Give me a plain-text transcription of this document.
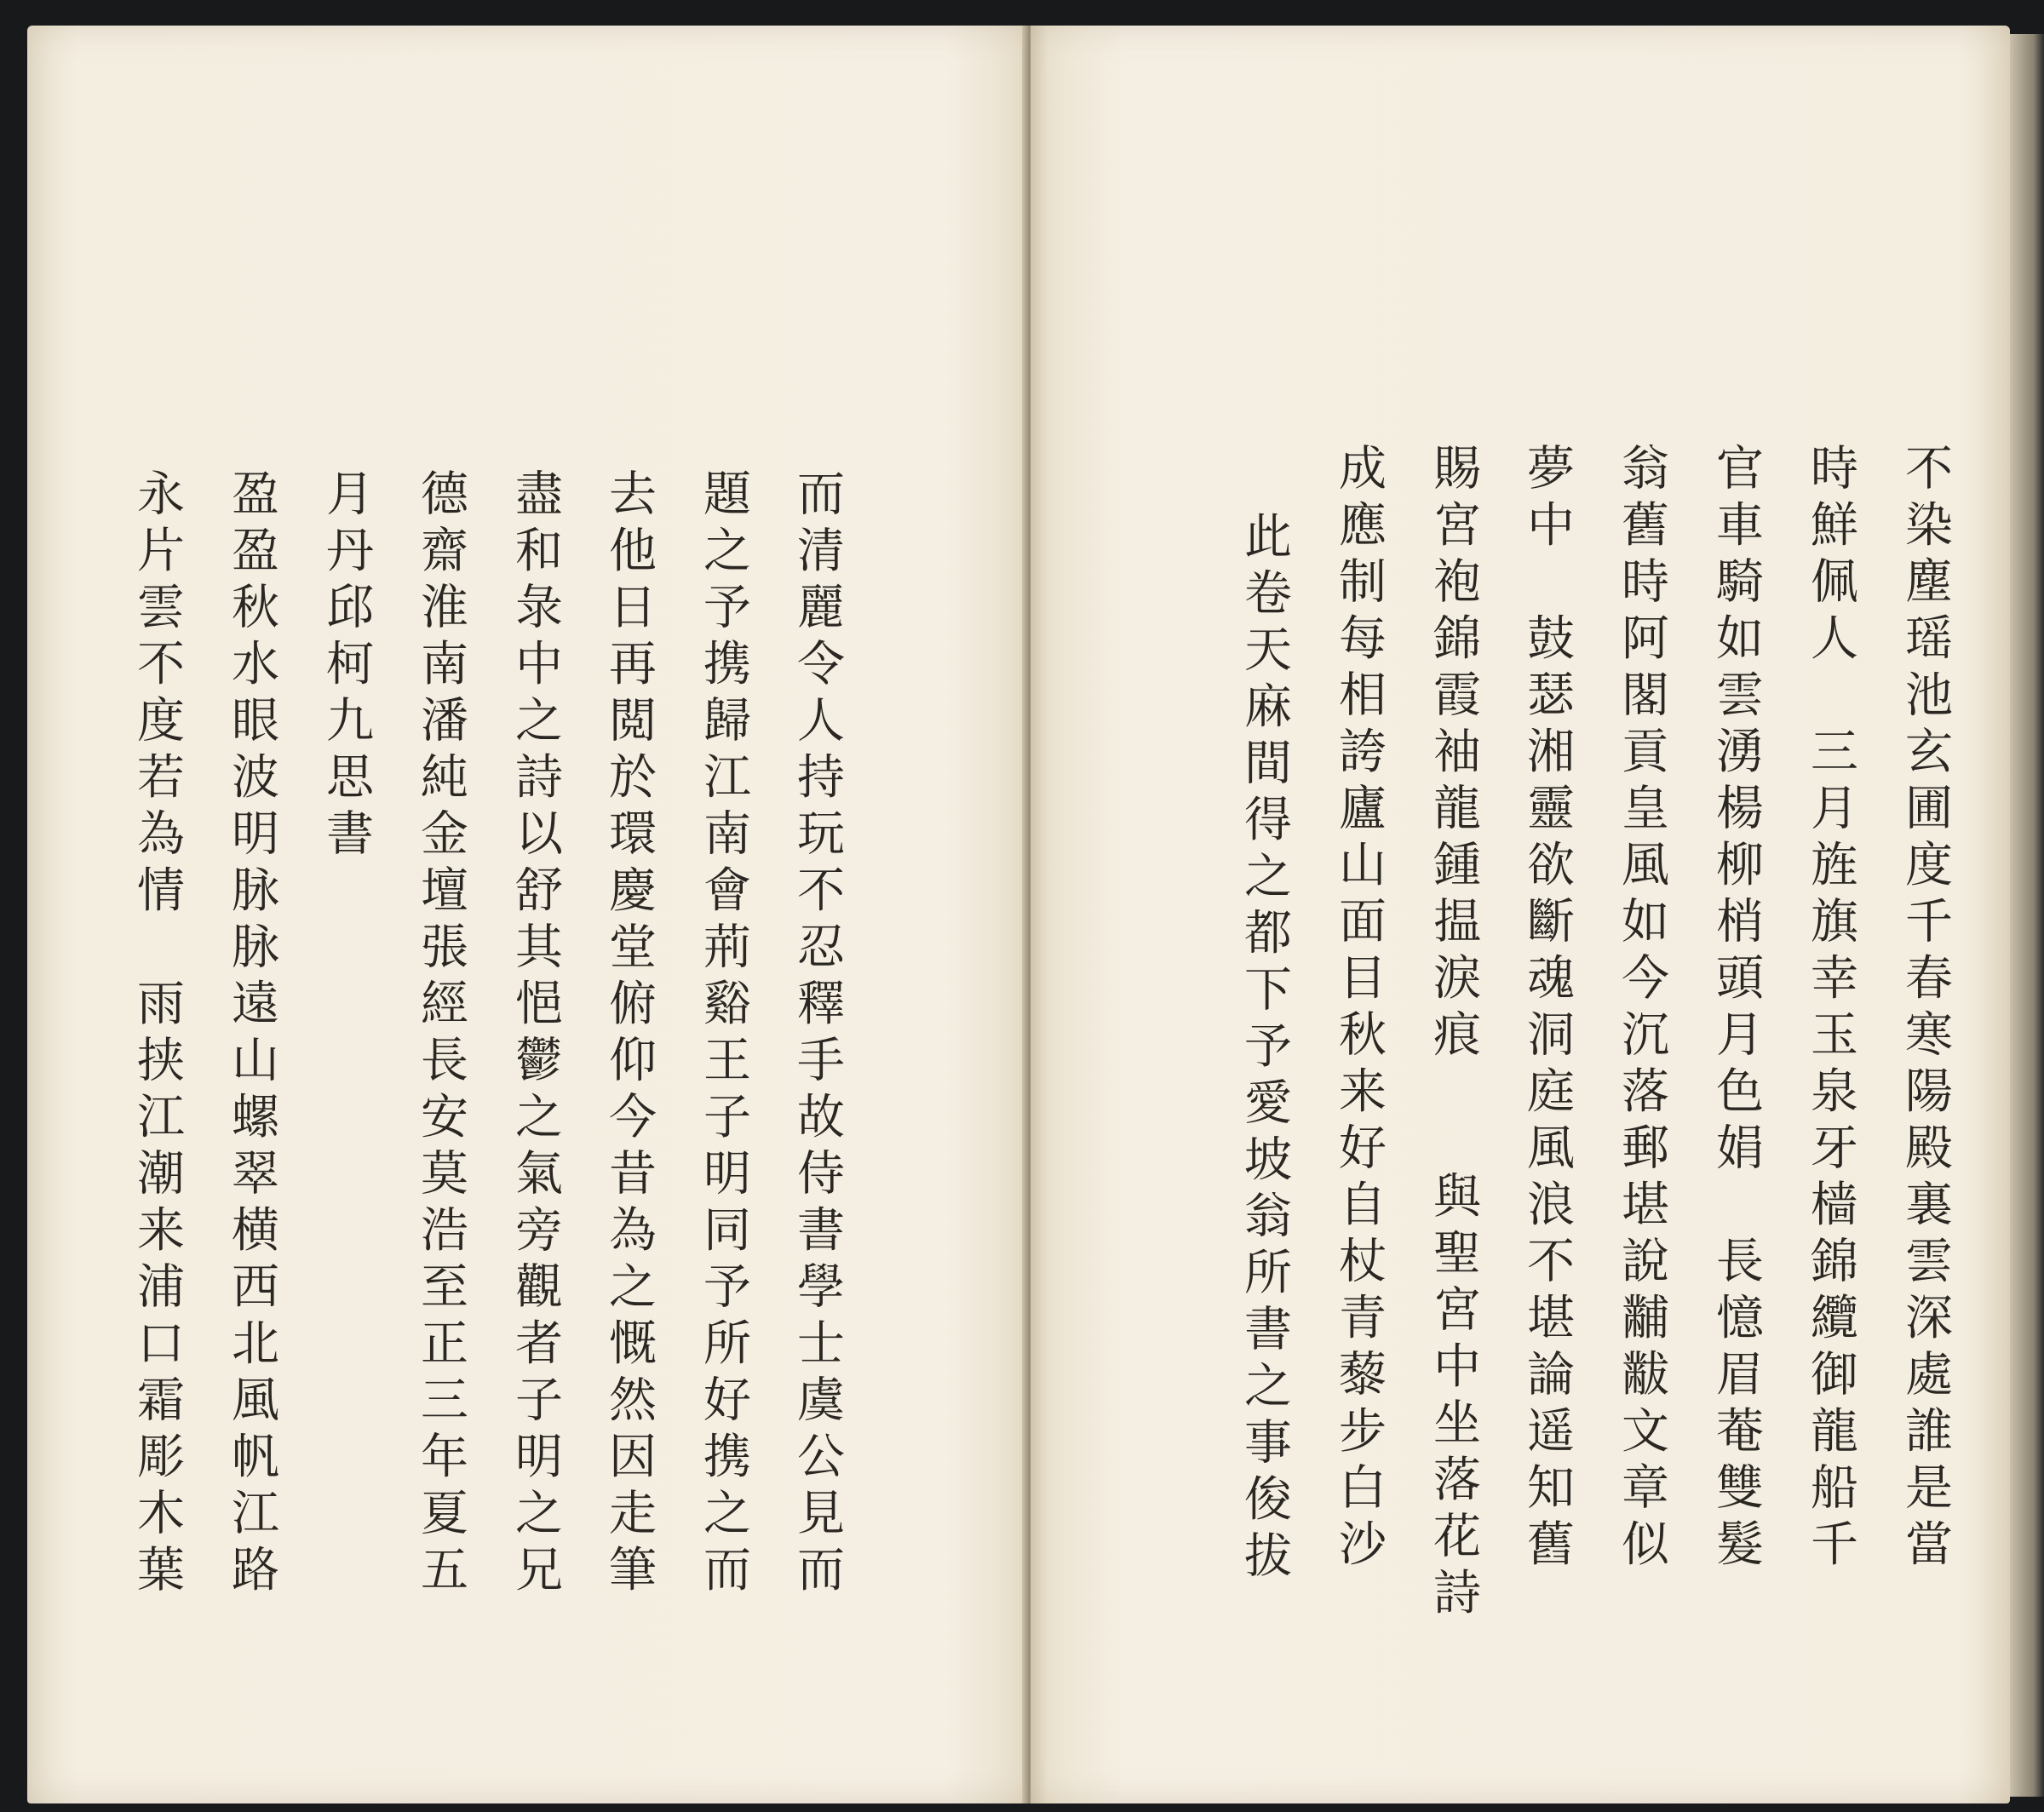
而清麗令人持玩不忍釋手故侍書學士虞公見而
題之予携歸江南會荊谿王子明同予所好携之而
去他日再閲於環慶堂俯仰今昔為之慨然因走筆
盡和彔中之詩以舒其悒鬱之氣旁觀者子明之兄
德齋淮南潘純金壇張經長安莫浩至正三年夏五
月丹邱柯九思書
盈盈秋水眼波明脉脉遠山螺翠横西北風帆江路
永片雲不度若為情　雨挟江潮来浦口霜彫木葉	不染塵瑶池玄圃度千春寒陽殿裏雲深處誰是當
時鮮佩人　三月旌旗幸玉泉牙樯錦纜御龍船千
官車騎如雲湧楊柳梢頭月色娟　長憶眉菴雙髮
翁舊時阿閣貢皇風如今沉落郵堪說黼黻文章似
夢中　鼓瑟湘靈欲斷魂洞庭風浪不堪論遥知舊
賜宮袍錦霞袖龍鍾揾淚痕
成應制每相誇廬山面目秋来好自杖青藜步白沙
此卷天麻間得之都下予愛坡翁所書之事俊拔	與聖宮中坐落花詩
